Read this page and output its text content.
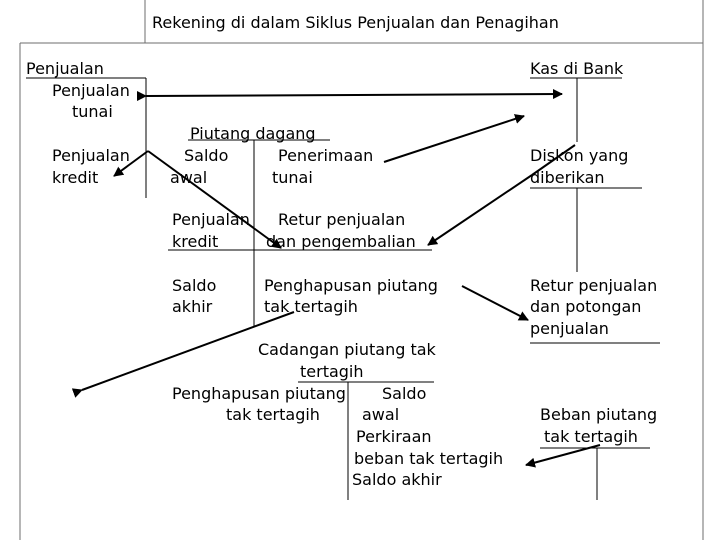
Rekening di dalam Siklus Penjualan dan Penagihan
Penjualan
Penjualan
tunai
Penjualan
kredit
Kas di Bank
Diskon yang
diberikan
Retur penjualan
dan potongan
penjualan
Piutang dagang
Saldo
awal
Penerimaan
tunai
Penjualan
kredit
Retur penjualan
dan pengembalian
Saldo
akhir
Penghapusan piutang
tak tertagih
Cadangan piutang tak
tertagih
Penghapusan piutang
tak tertagih
Saldo
awal
Perkiraan
beban tak tertagih
Saldo akhir
Beban piutang
tak tertagih
